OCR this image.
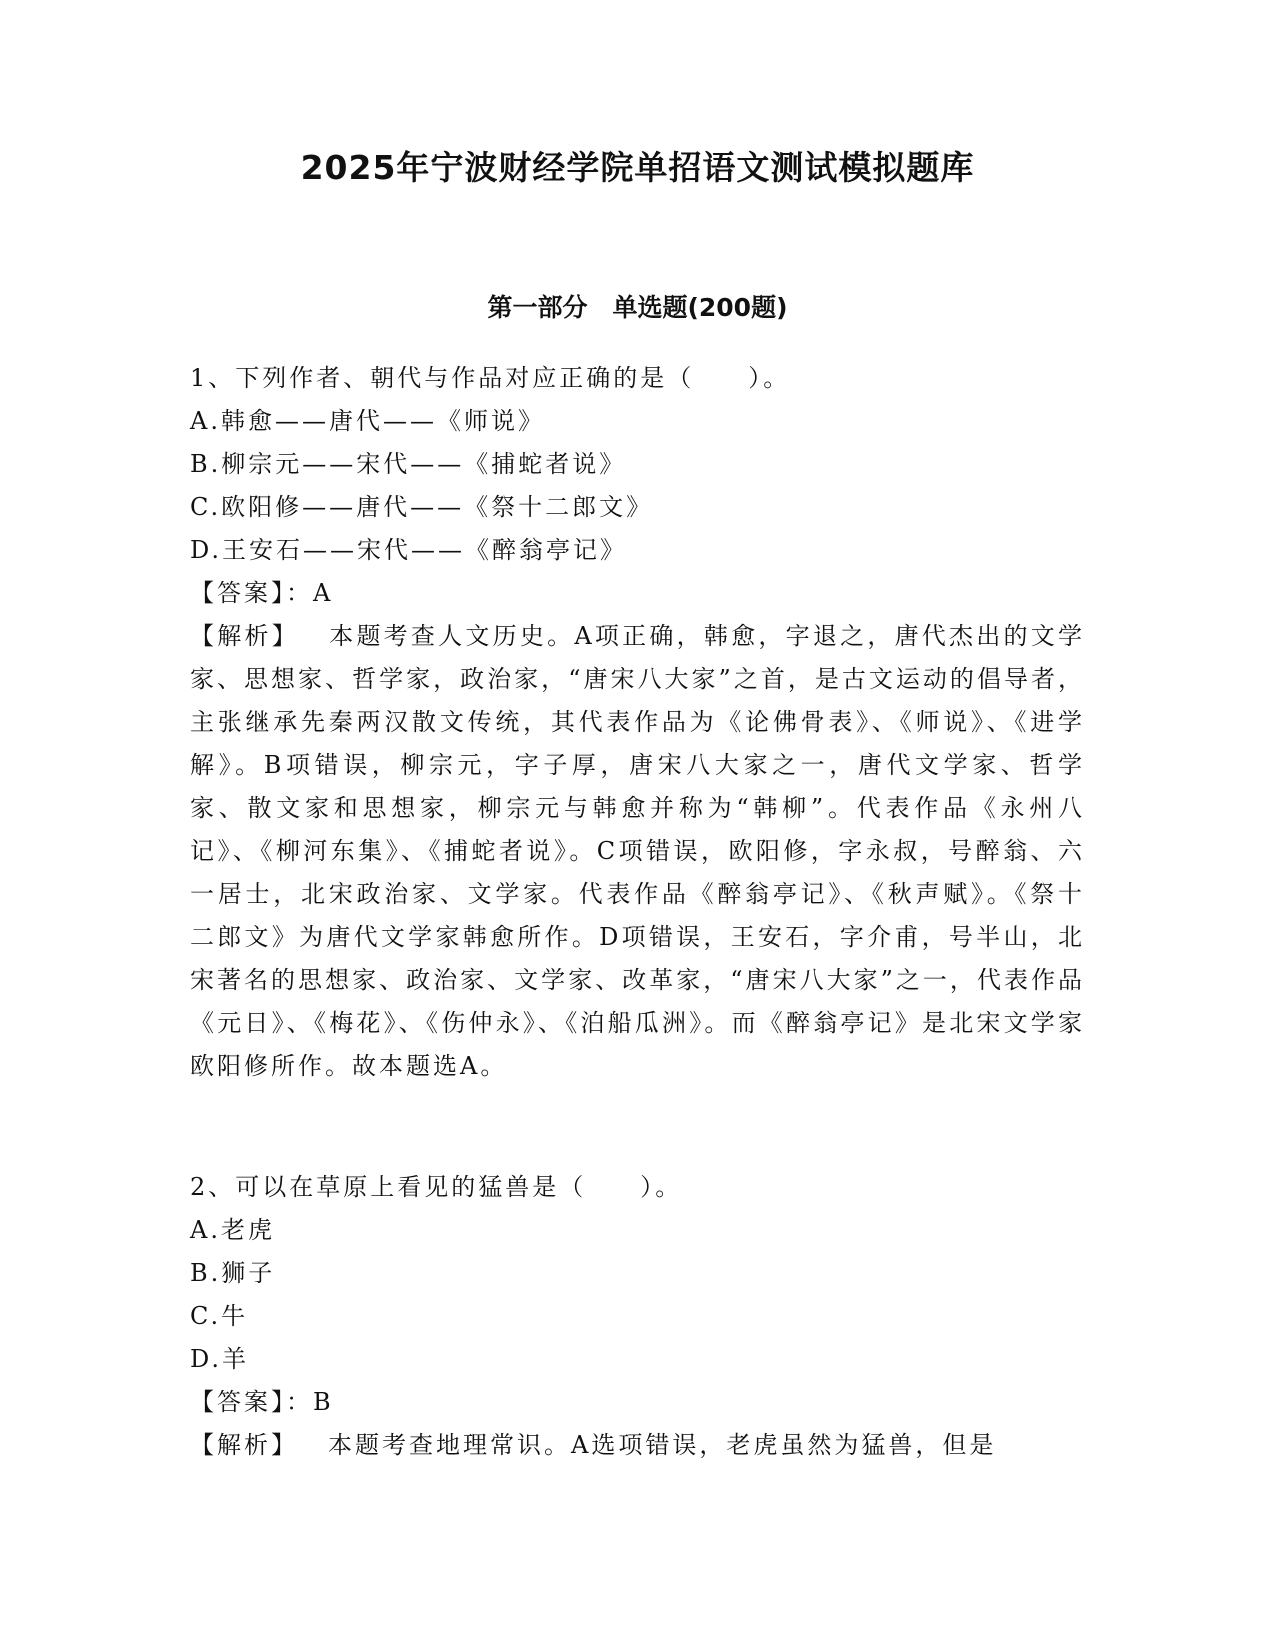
2025年宁波财经学院单招语文测试模拟题库
第一部分　单选题(200题)
1、下列作者、朝代与作品对应正确的是（　　）。
A.韩愈——唐代——《师说》
B.柳宗元——宋代——《捕蛇者说》
C.欧阳修——唐代——《祭十二郎文》
D.王安石——宋代——《醉翁亭记》
【答案】：A
【解析】 本题考查人文历史。A项正确，韩愈，字退之，唐代杰出的文学家、思想家、哲学家，政治家，“唐宋八大家”之首，是古文运动的倡导者，主张继承先秦两汉散文传统，其代表作品为《论佛骨表》、《师说》、《进学解》。B项错误，柳宗元，字子厚，唐宋八大家之一，唐代文学家、哲学家、散文家和思想家，柳宗元与韩愈并称为“韩柳”。代表作品《永州八记》、《柳河东集》、《捕蛇者说》。C项错误，欧阳修，字永叔，号醉翁、六一居士，北宋政治家、文学家。代表作品《醉翁亭记》、《秋声赋》。《祭十二郎文》为唐代文学家韩愈所作。D项错误，王安石，字介甫，号半山，北宋著名的思想家、政治家、文学家、改革家，“唐宋八大家”之一，代表作品《元日》、《梅花》、《伤仲永》、《泊船瓜洲》。而《醉翁亭记》是北宋文学家欧阳修所作。故本题选A。
2、可以在草原上看见的猛兽是（　　）。
A.老虎
B.狮子
C.牛
D.羊
【答案】：B
【解析】 本题考查地理常识。A选项错误，老虎虽然为猛兽，但是
